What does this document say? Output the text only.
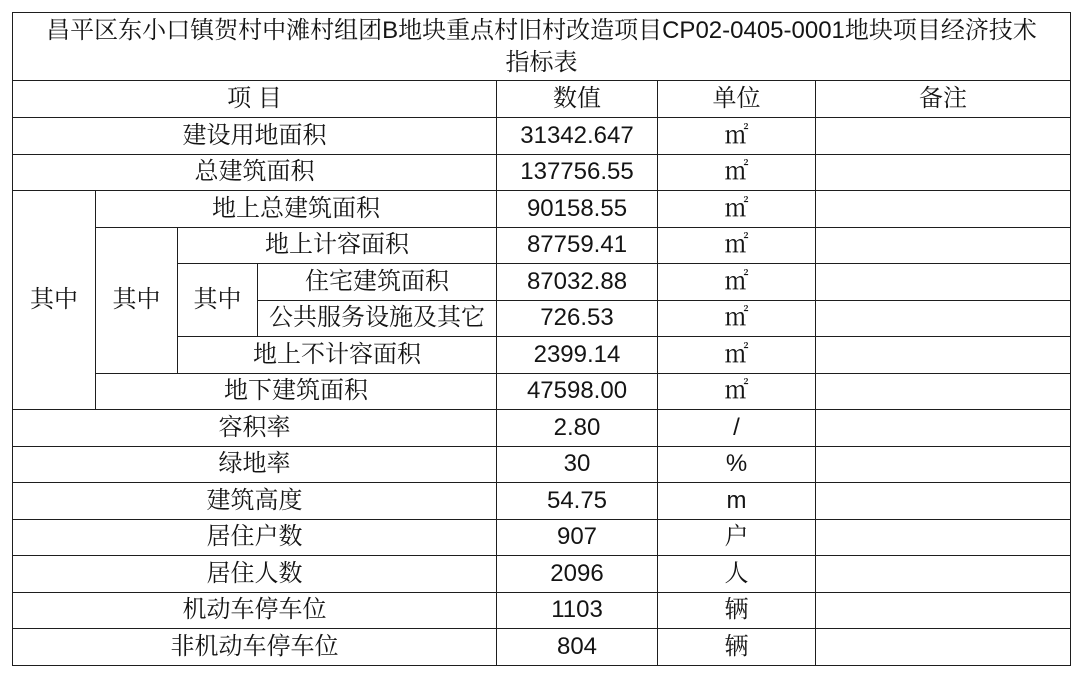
昌平区东小口镇贺村中滩村组团B地块重点村旧村改造项目CP02-0405-0001地块项目经济技术
指标表						

项 目				数值	单位	备注
建设用地面积				31342.647	㎡	
总建筑面积				137756.55	㎡	
其中	地上总建筑面积			90158.55	㎡	
	其中	地上计容面积		87759.41	㎡	
		其中	住宅建筑面积	87032.88	㎡	
			公共服务设施及其它	726.53	㎡	
		地上不计容面积		2399.14	㎡	
	地下建筑面积			47598.00	㎡	
容积率				2.80	/	
绿地率				30	%	
建筑高度				54.75	m	
居住户数				907	户	
居住人数				2096	人	
机动车停车位				1103	辆	
非机动车停车位				804	辆	
